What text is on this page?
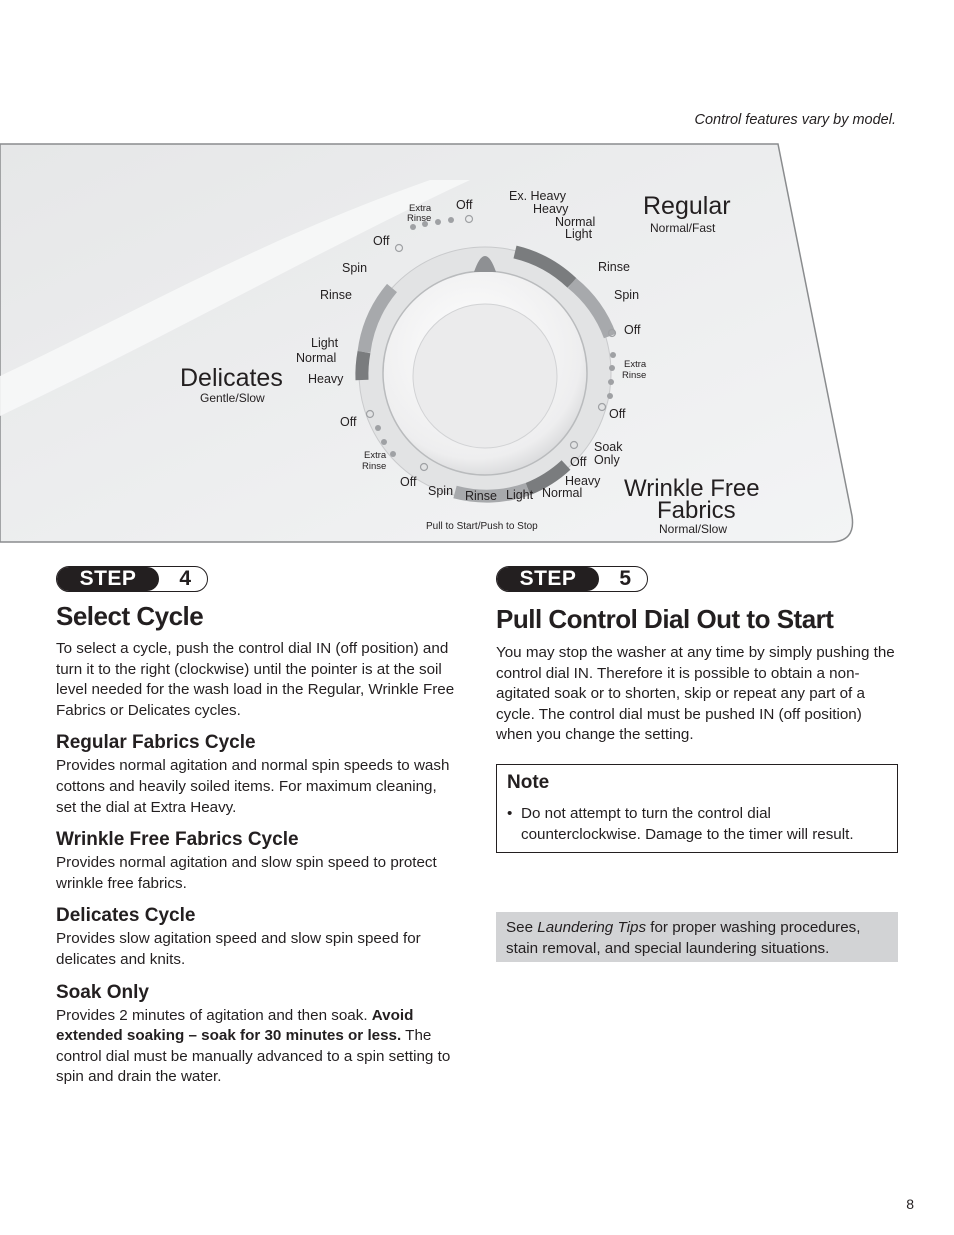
Control features vary by model.
Delicates
Gentle/Slow
Regular
Normal/Fast
Wrinkle Free
Fabrics
Normal/Slow
Pull to Start/Push to Stop
Off
Ex. Heavy
Heavy
Normal
Light
Rinse
Spin
Off
Off
Soak
Only
Off
Heavy
Normal
Light
Rinse
Spin
Off
Off
Heavy
Normal
Light
Rinse
Spin
Off
Extra
Rinse
Extra
Rinse
Extra
Rinse
STEP	4
Select Cycle

To select a cycle, push the control dial IN (off position) and turn it to the right (clockwise) until the pointer is at the soil level needed for the wash load in the Regular, Wrinkle Free Fabrics or Delicates cycles.

Regular Fabrics Cycle

Provides normal agitation and normal spin speeds to wash cottons and heavily soiled items. For maximum cleaning, set the dial at Extra Heavy.

Wrinkle Free Fabrics Cycle

Provides normal agitation and slow spin speed to protect wrinkle free fabrics.

Delicates Cycle

Provides slow agitation speed and slow spin speed for delicates and knits.

Soak Only

Provides 2 minutes of agitation and then soak. Avoid extended soaking – soak for 30 minutes or less. The control dial must be manually advanced to a spin setting to spin and drain the water.

STEP	5
Pull Control Dial Out to Start

You may stop the washer at any time by simply pushing the control dial IN. Therefore it is possible to obtain a non-agitated soak or to shorten, skip or repeat any part of a cycle. The control dial must be pushed IN (off position) when you change the setting.

Note
• Do not attempt to turn the control dial counterclockwise. Damage to the timer will result.
See Laundering Tips for proper washing procedures, stain removal, and special laundering situations.
8
